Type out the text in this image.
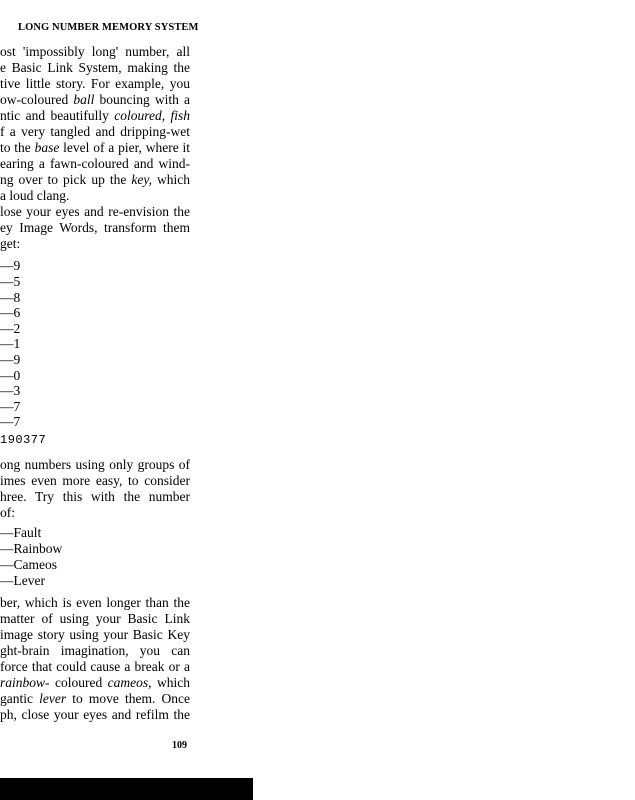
LONG NUMBER MEMORY SYSTEM
ost 'impossibly long' number, all
e Basic Link System, making the
tive little story. For example, you
ow-coloured ball bouncing with a
ntic and beautifully coloured, fish
f a very tangled and dripping-wet
to the base level of a pier, where it
earing a fawn-coloured and wind-
ng over to pick up the key, which
a loud clang.
lose your eyes and re-envision the
ey Image Words, transform them
get:
—9
—5
—8
—6
—2
—1
—9
—0
—3
—7
—7
190377
ong numbers using only groups of
imes even more easy, to consider
hree. Try this with the number
of:
—Fault
—Rainbow
—Cameos
—Lever
ber, which is even longer than the
matter of using your Basic Link
image story using your Basic Key
ght-brain imagination, you can
force that could cause a break or a
rainbow- coloured cameos, which
gantic lever to move them. Once
ph, close your eyes and refilm the
109
